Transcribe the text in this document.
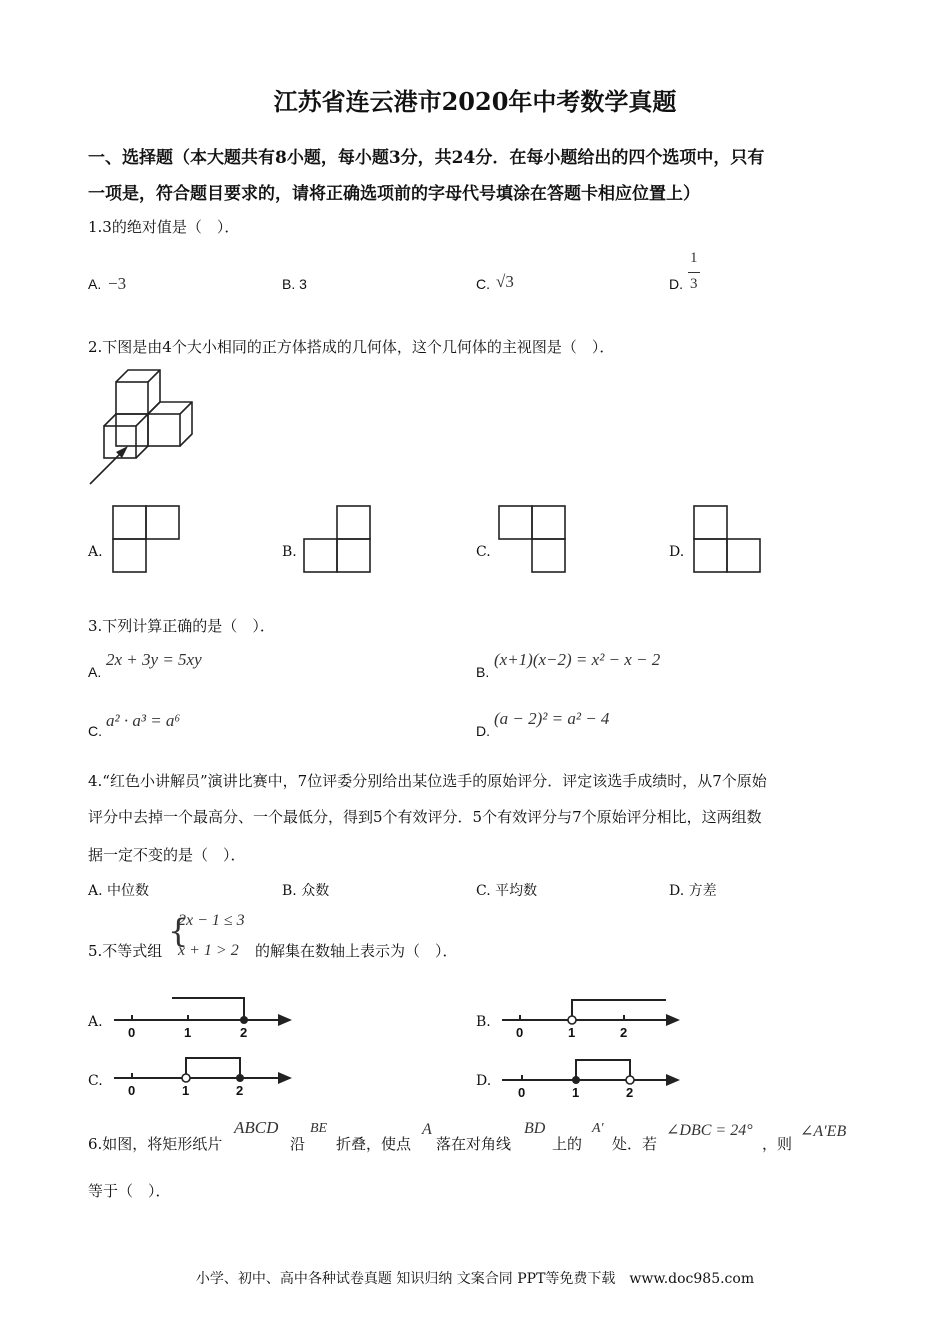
江苏省连云港市2020年中考数学真题
一、选择题（本大题共有8小题，每小题3分，共24分．在每小题给出的四个选项中，只有
一项是，符合题目要求的，请将正确选项前的字母代号填涂在答题卡相应位置上）
1.3的绝对值是（　）．
A. −3	B. 3	C. √3	D.
1
3
2.下图是由4个大小相同的正方体搭成的几何体，这个几何体的主视图是（　）．
A.	B.	C.	D.
3.下列计算正确的是（　）．
A.
2x + 3y = 5xy
B.
(x+1)(x−2) = x² − x − 2
C.
a² · a³ = a⁶
D.
(a − 2)² = a² − 4
4.“红色小讲解员”演讲比赛中，7位评委分别给出某位选手的原始评分．评定该选手成绩时，从7个原始
评分中去掉一个最高分、一个最低分，得到5个有效评分．5个有效评分与7个原始评分相比，这两组数
据一定不变的是（　）．
A. 中位数	B. 众数	C. 平均数	D. 方差
5.不等式组
{
2x − 1 ≤ 3
x + 1 > 2 的解集在数轴上表示为（　）．
A.
0	1	2
B.
0	1	2
C.
0	1	2
D.
0	1	2
6.如图，将矩形纸片
ABCD
沿
BE
折叠，使点
A
落在对角线
BD
上的
A′
处．若
∠DBC = 24°
，则
∠A′EB
等于（　）．
小学、初中、高中各种试卷真题 知识归纳 文案合同 PPT等免费下载　www.doc985.com
